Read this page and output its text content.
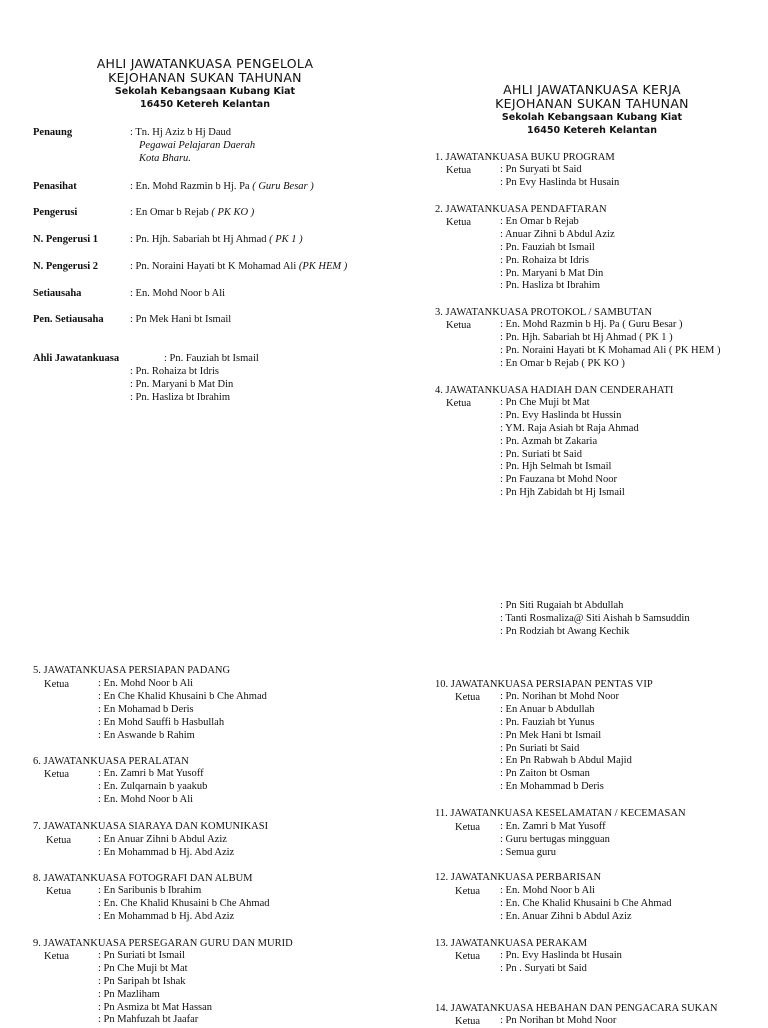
AHLI JAWATANKUASA PENGELOLA
KEJOHANAN SUKAN TAHUNAN
Sekolah Kebangsaan Kubang Kiat
16450 Ketereh Kelantan
AHLI JAWATANKUASA KERJA
KEJOHANAN SUKAN TAHUNAN
Sekolah Kebangsaan Kubang Kiat
16450 Ketereh Kelantan
Penaung	: Tn. Hj Aziz b Hj Daud
Pegawai Pelajaran Daerah
Kota Bharu.
Penasihat	: En. Mohd Razmin b Hj. Pa ( Guru Besar )
Pengerusi	: En Omar b Rejab ( PK KO )
N. Pengerusi 1	: Pn. Hjh. Sabariah bt Hj Ahmad ( PK 1 )
N. Pengerusi 2	: Pn. Noraini Hayati bt K Mohamad Ali (PK HEM )
Setiausaha	: En. Mohd Noor b Ali
Pen. Setiausaha	: Pn Mek Hani bt Ismail
Ahli Jawatankuasa	: Pn. Fauziah bt Ismail
: Pn. Rohaiza bt Idris
: Pn. Maryani b Mat Din
: Pn. Hasliza bt Ibrahim
1. JAWATANKUASA BUKU PROGRAM
Ketua	: Pn Suryati bt Said
: Pn Evy Haslinda bt Husain
2. JAWATANKUASA PENDAFTARAN
Ketua	: En Omar b Rejab
: Anuar Zihni b Abdul Aziz
: Pn. Fauziah bt Ismail
: Pn. Rohaiza bt Idris
: Pn. Maryani b Mat Din
: Pn. Hasliza bt Ibrahim
3. JAWATANKUASA PROTOKOL / SAMBUTAN
Ketua	: En. Mohd Razmin b Hj. Pa ( Guru Besar )
: Pn. Hjh. Sabariah bt Hj Ahmad ( PK 1 )
: Pn. Noraini Hayati bt K Mohamad Ali ( PK HEM )
: En Omar b Rejab ( PK KO )
4. JAWATANKUASA HADIAH DAN CENDERAHATI
Ketua	: Pn Che Muji bt Mat
: Pn. Evy Haslinda bt Hussin
: YM. Raja Asiah bt Raja Ahmad
: Pn. Azmah bt Zakaria
: Pn. Suriati bt Said
: Pn. Hjh Selmah bt Ismail
: Pn Fauzana bt Mohd Noor
: Pn Hjh Zabidah bt Hj Ismail
: Pn Siti Rugaiah bt Abdullah
: Tanti Rosmaliza@ Siti Aishah b Samsuddin
: Pn Rodziah bt Awang Kechik
5. JAWATANKUASA PERSIAPAN PADANG
Ketua	: En. Mohd Noor b Ali
: En Che Khalid Khusaini b Che Ahmad
: En Mohamad b Deris
: En Mohd Sauffi b Hasbullah
: En Aswande b Rahim
6. JAWATANKUASA PERALATAN
Ketua	: En. Zamri b Mat Yusoff
: En. Zulqarnain b yaakub
: En. Mohd Noor b Ali
7. JAWATANKUASA SIARAYA DAN KOMUNIKASI
Ketua	: En Anuar Zihni b Abdul Aziz
: En Mohammad b Hj. Abd Aziz
8. JAWATANKUASA FOTOGRAFI DAN ALBUM
Ketua	: En Saribunis b Ibrahim
: En. Che Khalid Khusaini b Che Ahmad
: En Mohammad b Hj. Abd Aziz
9. JAWATANKUASA PERSEGARAN GURU DAN MURID
Ketua	: Pn Suriati bt Ismail
: Pn Che Muji bt Mat
: Pn Saripah bt Ishak
: Pn Mazliham
: Pn Asmiza bt Mat Hassan
: Pn Mahfuzah bt Jaafar
10. JAWATANKUASA PERSIAPAN PENTAS VIP
Ketua : Pn. Norihan bt Mohd Noor
: En Anuar b Abdullah
: Pn. Fauziah bt Yunus
: Pn Mek Hani bt Ismail
: Pn Suriati bt Said
: En Pn Rabwah b Abdul Majid
: Pn Zaiton bt Osman
: En Mohammad b Deris
11. JAWATANKUASA KESELAMATAN / KECEMASAN
Ketua : En. Zamri b Mat Yusoff
: Guru bertugas mingguan
: Semua guru
12. JAWATANKUASA PERBARISAN
Ketua : En. Mohd Noor b Ali
: En. Che Khalid Khusaini b Che Ahmad
: En. Anuar Zihni b Abdul Aziz
13. JAWATANKUASA PERAKAM
Ketua : Pn. Evy Haslinda bt Husain
: Pn . Suryati bt Said
14. JAWATANKUASA HEBAHAN DAN PENGACARA SUKAN
Ketua : Pn Norihan bt Mohd Noor
